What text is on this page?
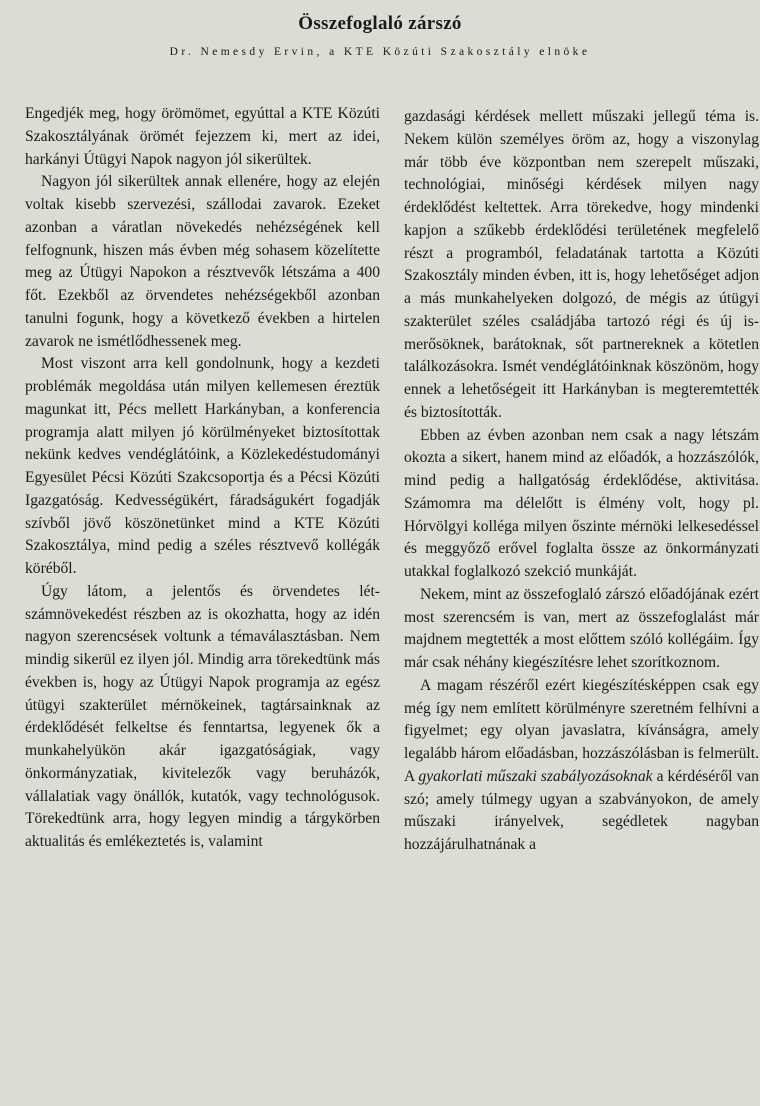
Összefoglaló zárszó
Dr. Nemesdy Ervin, a KTE Közúti Szakosztály elnöke

Engedjék meg, hogy örömömet, egyúttal a KTE Közúti Szakosztályának örömét fejezzem ki, mert az idei, harkányi Útügyi Napok nagyon jól sikerültek.

Nagyon jól sikerültek annak ellenére, hogy az elején voltak kisebb szervezési, szállodai zavarok. Ezeket azonban a váratlan növekedés nehézségének kell felfognunk, hiszen más évben még sohasem közelítette meg az Útügyi Napokon a résztvevők létszáma a 400 főt. Ezekből az örvendetes nehézségekből azonban tanulni fogunk, hogy a következő években a hirtelen zavarok ne ismétlődhessenek meg.

Most viszont arra kell gondolnunk, hogy a kezdeti problémák megoldása után milyen kellemesen éreztük magunkat itt, Pécs mellett Harkányban, a konferencia programja alatt milyen jó körülményeket biztosítottak nekünk kedves vendéglátóink, a Közlekedéstudományi Egyesület Pécsi Közúti Szakcsoportja és a Pécsi Közúti Igazgatóság. Kedvességükért, fáradságukért fogadják szívből jövő köszönetünket mind a KTE Közúti Szakosztálya, mind pedig a széles résztvevő kollégák köréből.

Úgy látom, a jelentős és örvendetes létszámnövekedést részben az is okozhatta, hogy az idén nagyon szerencsések voltunk a témaválasztásban. Nem mindig sikerül ez ilyen jól. Mindig arra törekedtünk más években is, hogy az Útügyi Napok programja az egész útügyi szakterület mérnökeinek, tagtársainknak az érdeklődését felkeltse és fenntartsa, legyenek ők a munkahelyükön akár igazgatóságiak, vagy önkormányzatiak, kivitelezők vagy beruházók, vállalatiak vagy önállók, kutatók, vagy technológusok. Törekedtünk arra, hogy legyen mindig a tárgykörben aktualitás és emlékeztetés is, valamint

gazdasági kérdések mellett műszaki jellegű téma is. Nekem külön személyes öröm az, hogy a viszonylag már több éve központban nem szerepelt műszaki, technológiai, minőségi kérdések milyen nagy érdeklődést keltettek. Arra törekedve, hogy mindenki kapjon a szűkebb érdeklődési területének megfelelő részt a programból, feladatának tartotta a Közúti Szakosztály minden évben, itt is, hogy lehetőséget adjon a más munkahelyeken dolgozó, de mégis az útügyi szakterület széles családjába tartozó régi és új ismerősöknek, barátoknak, sőt partnereknek a kötetlen találkozásokra. Ismét vendéglátóinknak köszönöm, hogy ennek a lehetőségeit itt Harkányban is megteremtették és biztosították.

Ebben az évben azonban nem csak a nagy létszám okozta a sikert, hanem mind az előadók, a hozzászólók, mind pedig a hallgatóság érdeklődése, aktivitása. Számomra ma délelőtt is élmény volt, hogy pl. Hórvölgyi kolléga milyen őszinte mérnöki lelkesedéssel és meggyőző erővel foglalta össze az önkormányzati utakkal foglalkozó szekció munkáját.

Nekem, mint az összefoglaló zárszó előadójának ezért most szerencsém is van, mert az összefoglalást már majdnem megtették a most előttem szóló kollégáim. Így már csak néhány kiegészítésre lehet szorítkoznom.

A magam részéről ezért kiegészítésképpen csak egy még így nem említett körülményre szeretném felhívni a figyelmet; egy olyan javaslatra, kívánságra, amely legalább három előadásban, hozzászólásban is felmerült. A gyakorlati műszaki szabályozásoknak a kérdéséről van szó; amely túlmegy ugyan a szabványokon, de amely műszaki irányelvek, segédletek nagyban hozzájárulhatnának a
